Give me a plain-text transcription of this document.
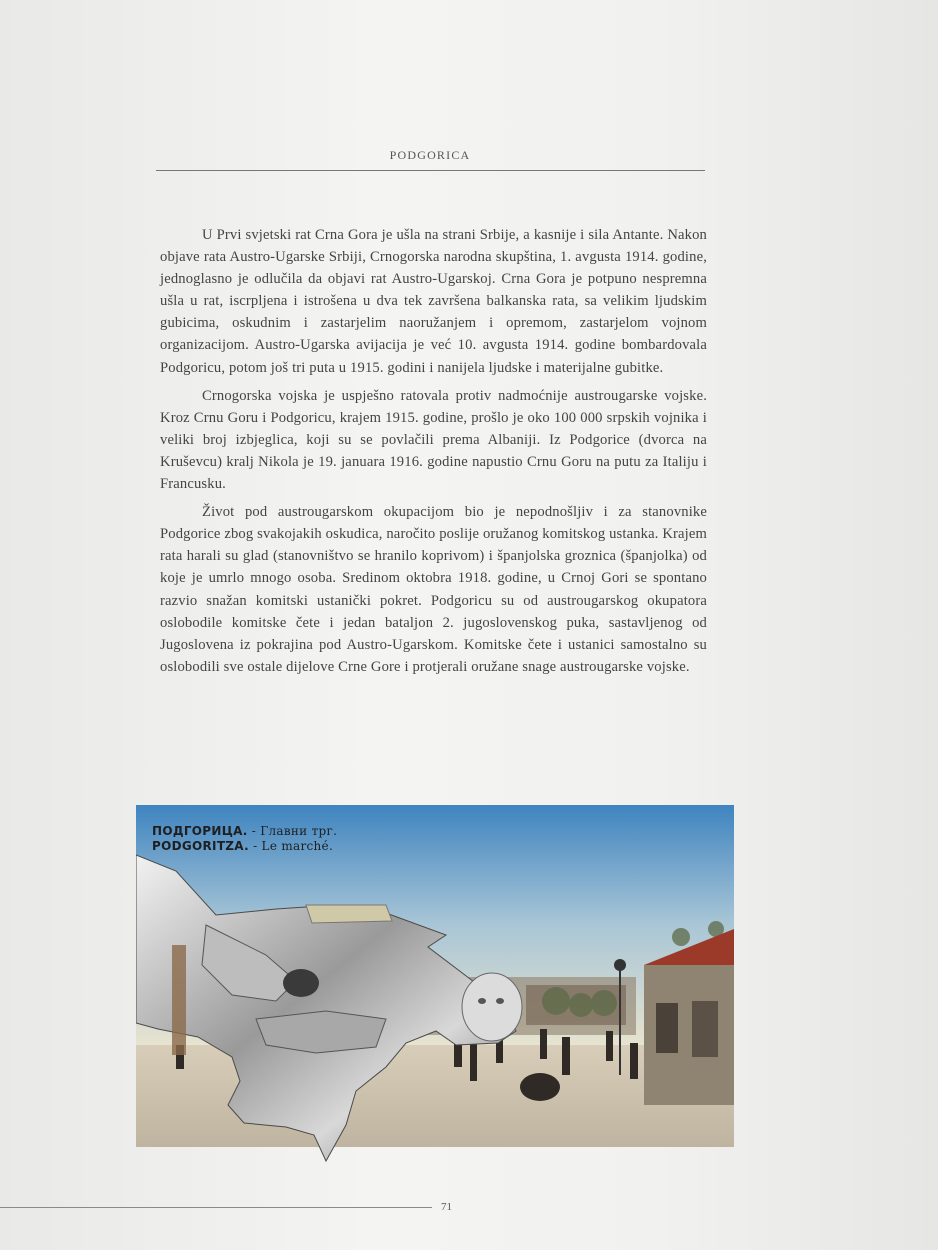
PODGORICA

U Prvi svjetski rat Crna Gora je ušla na strani Srbije, a kasnije i sila Antante. Nakon objave rata Austro-Ugarske Srbiji, Crnogorska narodna skupština, 1. avgusta 1914. godine, jednoglasno je odlučila da objavi rat Austro-Ugarskoj. Crna Gora je potpuno nespremna ušla u rat, iscrpljena i istrošena u dva tek završena balkanska rata, sa velikim ljudskim gubicima, oskudnim i zastarjelim naoružanjem i opremom, zastarjelom vojnom organizacijom. Austro-Ugarska avijacija je već 10. avgusta 1914. godine bombardovala Podgoricu, potom još tri puta u 1915. godini i nanijela ljudske i materijalne gubitke.

Crnogorska vojska je uspješno ratovala protiv nadmoćnije austrougarske vojske. Kroz Crnu Goru i Podgoricu, krajem 1915. godine, prošlo je oko 100 000 srpskih vojnika i veliki broj izbjeglica, koji su se povlačili prema Albaniji. Iz Podgorice (dvorca na Kruševcu) kralj Nikola je 19. januara 1916. godine napustio Crnu Goru na putu za Italiju i Francusku.

Život pod austrougarskom okupacijom bio je nepodnošljiv i za stanovnike Podgorice zbog svakojakih oskudica, naročito poslije oružanog komitskog ustanka. Krajem rata harali su glad (stanovništvo se hranilo koprivom) i španjolska groznica (španjolka) od koje je umrlo mnogo osoba. Sredinom oktobra 1918. godine, u Crnoj Gori se spontano razvio snažan komitski ustanički pokret. Podgoricu su od austrougarskog okupatora oslobodile komitske čete i jedan bataljon 2. jugoslovenskog puka, sastavljenog od Jugoslovena iz pokrajina pod Austro-Ugarskom. Komitske čete i ustanici samostalno su oslobodili sve ostale dijelove Crne Gore i protjerali oružane snage austrougarske vojske.

ПОДГОРИЦА. - Главни трг.
PODGORITZA. - Le marché.
71
